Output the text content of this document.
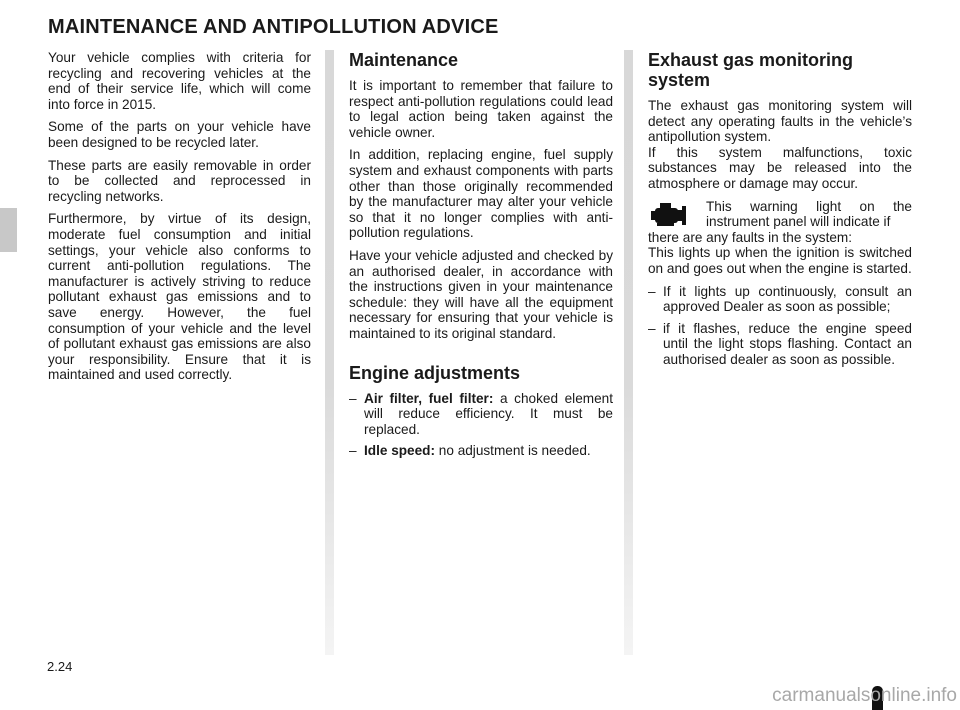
MAINTENANCE AND ANTIPOLLUTION ADVICE

Your vehicle complies with criteria for recycling and recovering vehicles at the end of their service life, which will come into force in 2015.

Some of the parts on your vehicle have been designed to be recycled later.

These parts are easily removable in order to be collected and reprocessed in recycling networks.

Furthermore, by virtue of its design, moderate fuel consumption and initial settings, your vehicle also conforms to current anti-pollution regulations. The manufacturer is actively striving to reduce pollutant exhaust gas emissions and to save energy. However, the fuel consumption of your vehicle and the level of pollutant exhaust gas emissions are also your responsibility. Ensure that it is maintained and used correctly.

Maintenance

It is important to remember that failure to respect anti-pollution regulations could lead to legal action being taken against the vehicle owner.

In addition, replacing engine, fuel supply system and exhaust components with parts other than those originally recommended by the manufacturer may alter your vehicle so that it no longer complies with anti-pollution regulations.

Have your vehicle adjusted and checked by an authorised dealer, in accordance with the instructions given in your maintenance schedule: they will have all the equipment necessary for ensuring that your vehicle is maintained to its original standard.

Engine adjustments
– Air filter, fuel filter: a choked element will reduce efficiency. It must be replaced.
– Idle speed: no adjustment is needed.
Exhaust gas monitoring system

The exhaust gas monitoring system will detect any operating faults in the vehicle’s antipollution system.

If this system malfunctions, toxic substances may be released into the atmosphere or damage may occur.

This warning light on the instrument panel will indicate if
there are any faults in the system:
This lights up when the ignition is switched on and goes out when the engine is started.
– If it lights up continuously, consult an approved Dealer as soon as possible;
– if it flashes, reduce the engine speed until the light stops flashing. Contact an authorised dealer as soon as possible.
2.24
carmanualsonline.info
